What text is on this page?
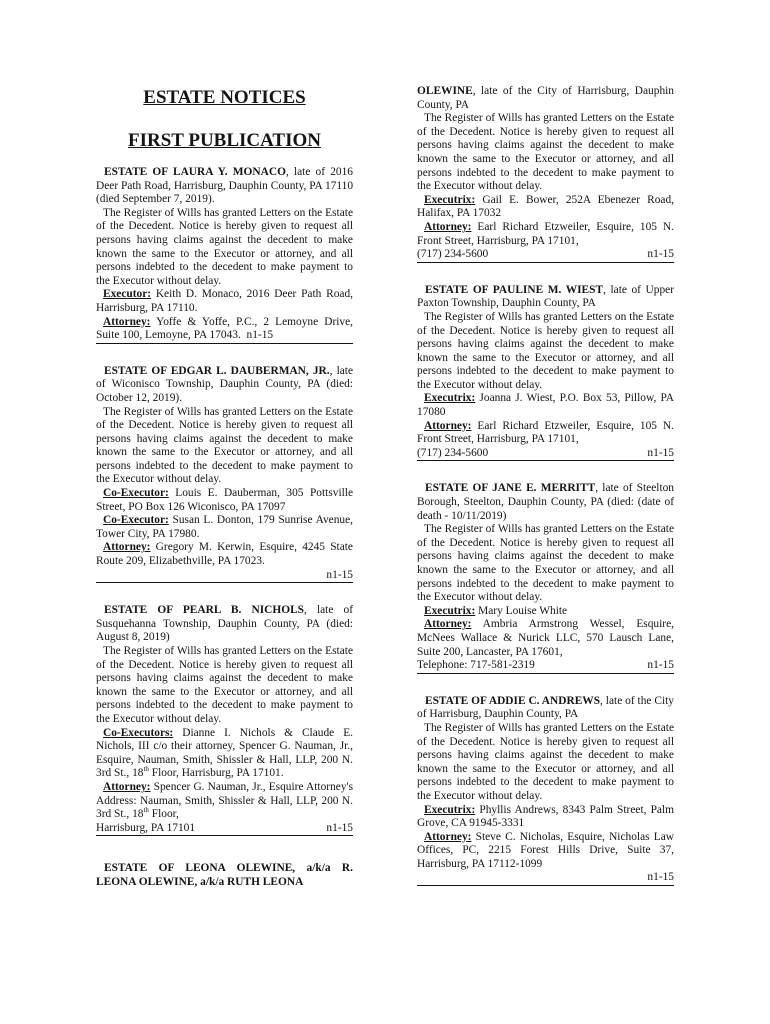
ESTATE NOTICES
FIRST PUBLICATION

ESTATE OF LAURA Y. MONACO, late of 2016 Deer Path Road, Harrisburg, Dauphin County, PA 17110 (died September 7, 2019).

The Register of Wills has granted Letters on the Estate of the Decedent. Notice is hereby given to request all persons having claims against the decedent to make known the same to the Executor or attorney, and all persons indebted to the decedent to make payment to the Executor without delay.

Executor: Keith D. Monaco, 2016 Deer Path Road, Harrisburg, PA 17110.

Attorney: Yoffe & Yoffe, P.C., 2 Lemoyne Drive, Suite 100, Lemoyne, PA 17043. n1-15

ESTATE OF EDGAR L. DAUBERMAN, JR., late of Wiconisco Township, Dauphin County, PA (died: October 12, 2019).

The Register of Wills has granted Letters on the Estate of the Decedent. Notice is hereby given to request all persons having claims against the decedent to make known the same to the Executor or attorney, and all persons indebted to the decedent to make payment to the Executor without delay.

Co-Executor: Louis E. Dauberman, 305 Pottsville Street, PO Box 126 Wiconisco, PA 17097

Co-Executor: Susan L. Donton, 179 Sunrise Avenue, Tower City, PA 17980.

Attorney: Gregory M. Kerwin, Esquire, 4245 State Route 209, Elizabethville, PA 17023.

n1-15

ESTATE OF PEARL B. NICHOLS, late of Susquehanna Township, Dauphin County, PA (died: August 8, 2019)

The Register of Wills has granted Letters on the Estate of the Decedent. Notice is hereby given to request all persons having claims against the decedent to make known the same to the Executor or attorney, and all persons indebted to the decedent to make payment to the Executor without delay.

Co-Executors: Dianne I. Nichols & Claude E. Nichols, III c/o their attorney, Spencer G. Nauman, Jr., Esquire, Nauman, Smith, Shissler & Hall, LLP, 200 N. 3rd St., 18th Floor, Harrisburg, PA 17101.

Attorney: Spencer G. Nauman, Jr., Esquire Attorney's Address: Nauman, Smith, Shissler & Hall, LLP, 200 N. 3rd St., 18th Floor,

Harrisburg, PA 17101	n1-15

ESTATE OF LEONA OLEWINE, a/k/a R. LEONA OLEWINE, a/k/a RUTH LEONA

OLEWINE, late of the City of Harrisburg, Dauphin County, PA

The Register of Wills has granted Letters on the Estate of the Decedent. Notice is hereby given to request all persons having claims against the decedent to make known the same to the Executor or attorney, and all persons indebted to the decedent to make payment to the Executor without delay.

Executrix: Gail E. Bower, 252A Ebenezer Road, Halifax, PA 17032

Attorney: Earl Richard Etzweiler, Esquire, 105 N. Front Street, Harrisburg, PA 17101,

(717) 234-5600	n1-15

ESTATE OF PAULINE M. WIEST, late of Upper Paxton Township, Dauphin County, PA

The Register of Wills has granted Letters on the Estate of the Decedent. Notice is hereby given to request all persons having claims against the decedent to make known the same to the Executor or attorney, and all persons indebted to the decedent to make payment to the Executor without delay.

Executrix: Joanna J. Wiest, P.O. Box 53, Pillow, PA 17080

Attorney: Earl Richard Etzweiler, Esquire, 105 N. Front Street, Harrisburg, PA 17101,

(717) 234-5600	n1-15

ESTATE OF JANE E. MERRITT, late of Steelton Borough, Steelton, Dauphin County, PA (died: (date of death - 10/11/2019)

The Register of Wills has granted Letters on the Estate of the Decedent. Notice is hereby given to request all persons having claims against the decedent to make known the same to the Executor or attorney, and all persons indebted to the decedent to make payment to the Executor without delay.

Executrix: Mary Louise White

Attorney: Ambria Armstrong Wessel, Esquire, McNees Wallace & Nurick LLC, 570 Lausch Lane, Suite 200, Lancaster, PA 17601,

Telephone: 717-581-2319	n1-15

ESTATE OF ADDIE C. ANDREWS, late of the City of Harrisburg, Dauphin County, PA

The Register of Wills has granted Letters on the Estate of the Decedent. Notice is hereby given to request all persons having claims against the decedent to make known the same to the Executor or attorney, and all persons indebted to the decedent to make payment to the Executor without delay.

Executrix: Phyllis Andrews, 8343 Palm Street, Palm Grove, CA 91945-3331

Attorney: Steve C. Nicholas, Esquire, Nicholas Law Offices, PC, 2215 Forest Hills Drive, Suite 37, Harrisburg, PA 17112-1099

n1-15
